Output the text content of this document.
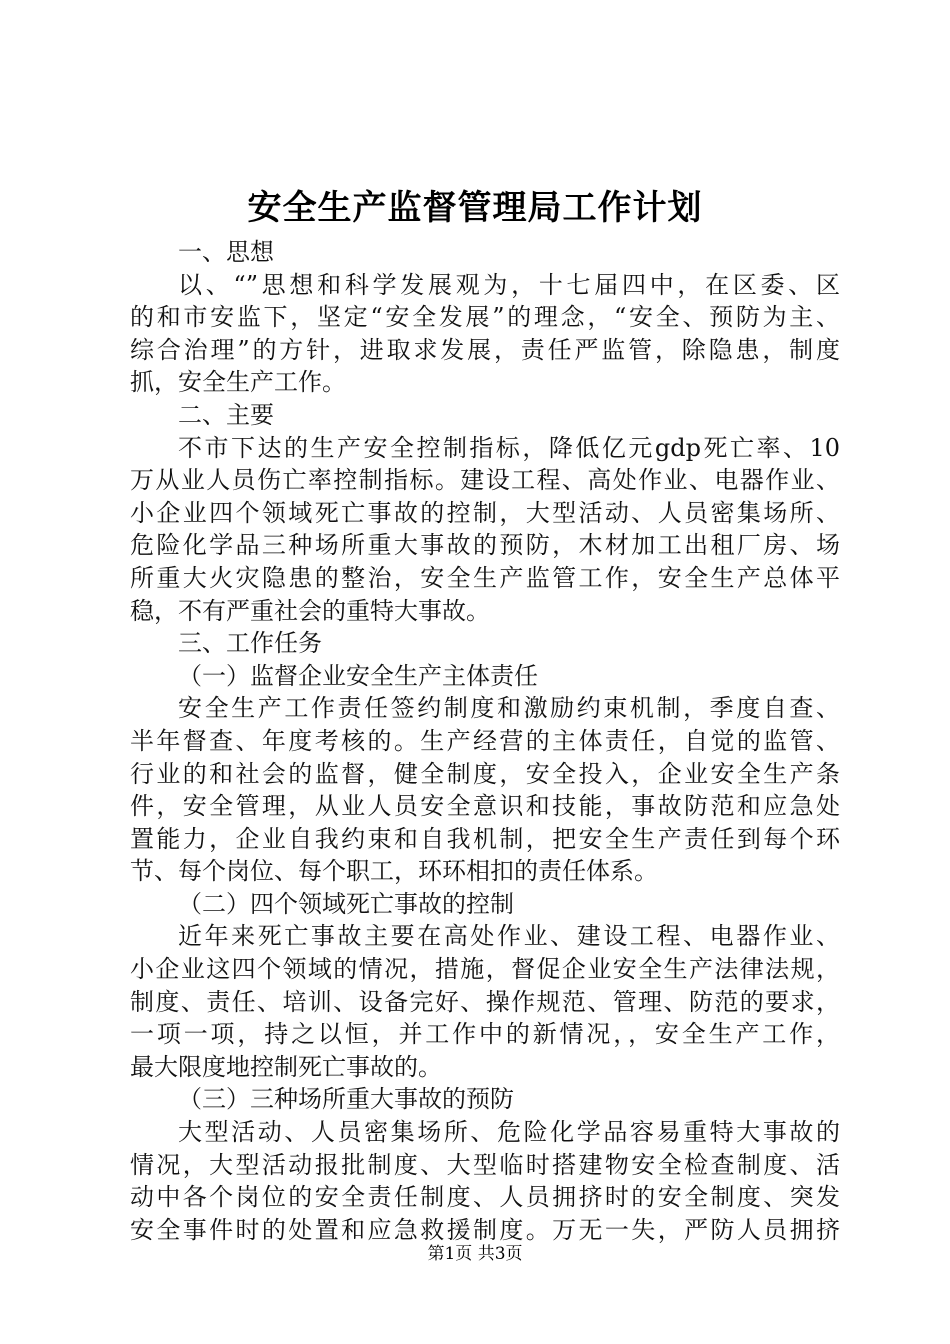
安全生产监督管理局工作计划
一、思想
以、“”思想和科学发展观为，十七届四中，在区委、区
的和市安监下，坚定“安全发展”的理念，“安全、预防为主、
综合治理”的方针，进取求发展，责任严监管，除隐患，制度
抓，安全生产工作。
二、主要
不市下达的生产安全控制指标，降低亿元gdp死亡率、10
万从业人员伤亡率控制指标。建设工程、高处作业、电器作业、
小企业四个领域死亡事故的控制，大型活动、人员密集场所、
危险化学品三种场所重大事故的预防，木材加工出租厂房、场
所重大火灾隐患的整治，安全生产监管工作，安全生产总体平
稳，不有严重社会的重特大事故。
三、工作任务
（一）监督企业安全生产主体责任
安全生产工作责任签约制度和激励约束机制，季度自查、
半年督查、年度考核的。生产经营的主体责任，自觉的监管、
行业的和社会的监督，健全制度，安全投入，企业安全生产条
件，安全管理，从业人员安全意识和技能，事故防范和应急处
置能力，企业自我约束和自我机制，把安全生产责任到每个环
节、每个岗位、每个职工，环环相扣的责任体系。
（二）四个领域死亡事故的控制
近年来死亡事故主要在高处作业、建设工程、电器作业、
小企业这四个领域的情况，措施，督促企业安全生产法律法规，
制度、责任、培训、设备完好、操作规范、管理、防范的要求，
一项一项，持之以恒，并工作中的新情况，，安全生产工作，
最大限度地控制死亡事故的。
（三）三种场所重大事故的预防
大型活动、人员密集场所、危险化学品容易重特大事故的
情况，大型活动报批制度、大型临时搭建物安全检查制度、活
动中各个岗位的安全责任制度、人员拥挤时的安全制度、突发
安全事件时的处置和应急救援制度。万无一失，严防人员拥挤
第1页 共3页
